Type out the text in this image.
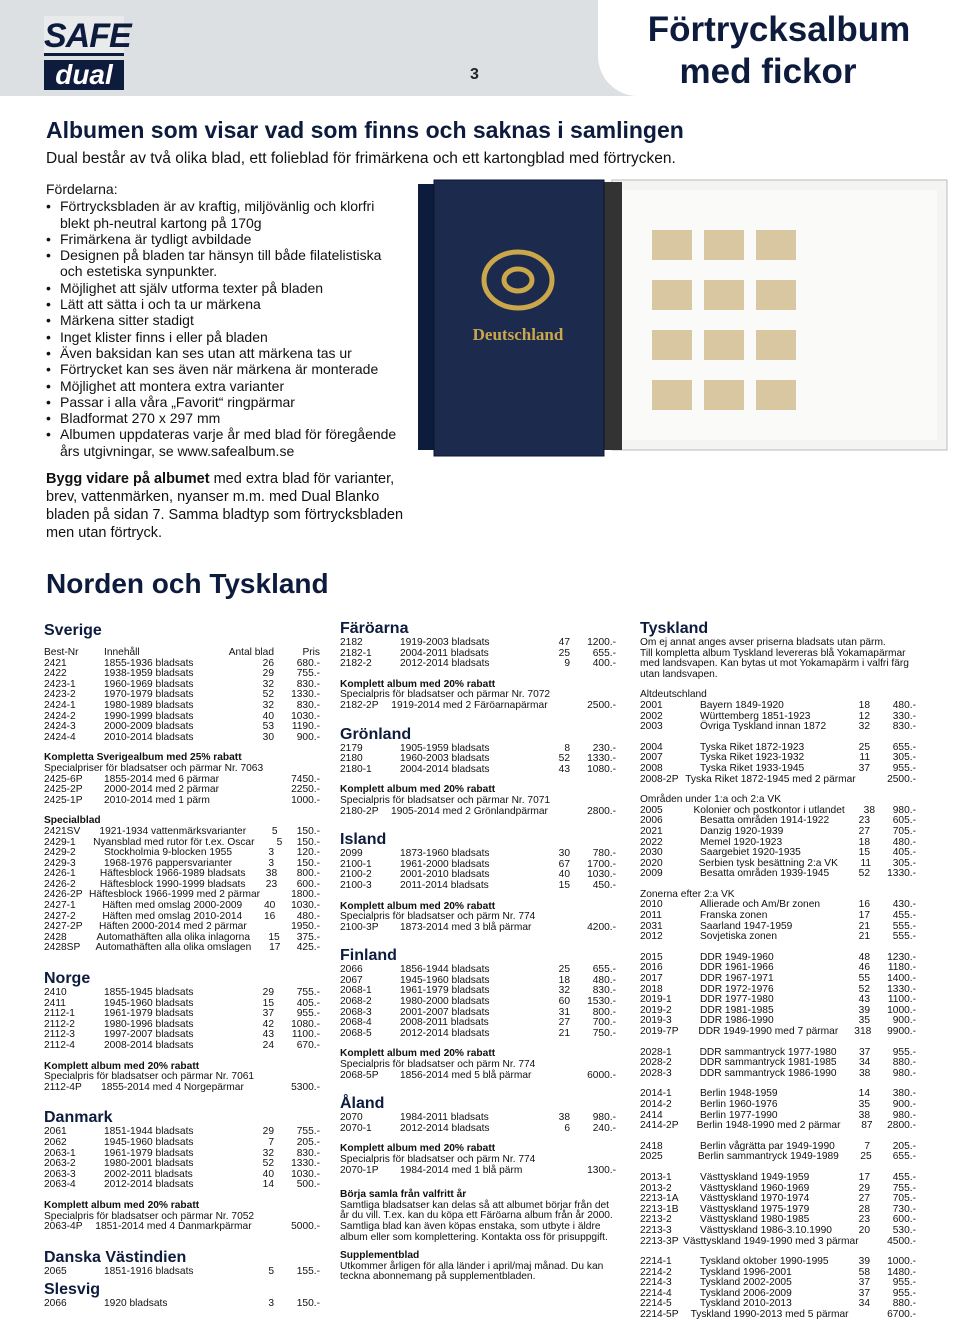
SAFE
dual	3
Förtrycksalbum
med fickor
Albumen som visar vad som finns och saknas i samlingen
Dual består av två olika blad, ett folieblad för frimärkena och ett kartongblad med förtrycken.
Fördelarna:
• Förtrycksbladen är av kraftig, miljövänlig och klorfri blekt ph-neutral kartong på 170g
• Frimärkena är tydligt avbildade
• Designen på bladen tar hänsyn till både filatelistiska och estetiska synpunkter.
• Möjlighet att själv utforma texter på bladen
• Lätt att sätta i och ta ur märkena
• Märkena sitter stadigt
• Inget klister finns i eller på bladen
• Även baksidan kan ses utan att märkena tas ur
• Förtrycket kan ses även när märkena är monterade
• Möjlighet att montera extra varianter
• Passar i alla våra „Favorit“ ringpärmar
• Bladformat 270 x 297 mm
• Albumen uppdateras varje år med blad för föregående års utgivningar, se www.safealbum.se
Bygg vidare på albumet med extra blad för varianter, brev, vattenmärken, nyanser m.m. med Dual Blanko bladen på sidan 7. Samma bladtyp som förtrycksbladen men utan förtryck.
Deutschland
Norden och Tyskland
Sverige
Best-Nr	Innehåll	Antal blad	Pris
2421	1855-1936 bladsats	26	680.-
2422	1938-1959 bladsats	29	755.-
2423-1	1960-1969 bladsats	32	830.-
2423-2	1970-1979 bladsats	52	1330.-
2424-1	1980-1989 bladsats	32	830.-
2424-2	1990-1999 bladsats	40	1030.-
2424-3	2000-2009 bladsats	53	1190.-
2424-4	2010-2014 bladsats	30	900.-
Kompletta Sverigealbum med 25% rabatt
Specialpriser för bladsatser och pärmar Nr. 7063
2425-6P	1855-2014 med 6 pärmar	7450.-
2425-2P	2000-2014 med 2 pärmar	2250.-
2425-1P	2010-2014 med 1 pärm	1000.-
Specialblad
2421SV	1921-1934 vattenmärksvarianter	5	150.-
2429-1	Nyansblad med rutor för t.ex. Oscar	5	150.-
2429-2	Stockholmia 9-blocken 1955	3	120.-
2429-3	1968-1976 pappersvarianter	3	150.-
2426-1	Häftesblock 1966-1989 bladsats	38	800.-
2426-2	Häftesblock 1990-1999 bladsats	23	600.-
2426-2P Häftesblock 1966-1999 med 2 pärmar	1800.-
2427-1	Häften med omslag 2000-2009	40	1030.-
2427-2	Häften med omslag 2010-2014	16	480.-
2427-2P	Häften 2000-2014 med 2 pärmar	1950.-
2428	Automathäften alla olika inlagorna	15	375.-
2428SP	Automathäften alla olika omslagen	17	425.-
Norge
2410	1855-1945 bladsats	29	755.-
2411	1945-1960 bladsats	15	405.-
2112-1	1961-1979 bladsats	37	955.-
2112-2	1980-1996 bladsats	42	1080.-
2112-3	1997-2007 bladsats	43	1100.-
2112-4	2008-2014 bladsats	24	670.-
Komplett album med 20% rabatt
Specialpris för bladsatser och pärmar Nr. 7061
2112-4P	1855-2014 med 4 Norgepärmar	5300.-
Danmark
2061	1851-1944 bladsats	29	755.-
2062	1945-1960 bladsats	7	205.-
2063-1	1961-1979 bladsats	32	830.-
2063-2	1980-2001 bladsats	52	1330.-
2063-3	2002-2011 bladsats	40	1030.-
2063-4	2012-2014 bladsats	14	500.-
Komplett album med 20% rabatt
Specialpris för bladsatser och pärmar Nr. 7052
2063-4P	1851-2014 med 4 Danmarkpärmar	5000.-
Danska Västindien
2065	1851-1916 bladsats	5	155.-
Slesvig
2066	1920 bladsats	3	150.-
Färöarna
2182	1919-2003 bladsats	47	1200.-
2182-1	2004-2011 bladsats	25	655.-
2182-2	2012-2014 bladsats	9	400.-
Komplett album med 20% rabatt
Specialpris för bladsatser och pärmar Nr. 7072
2182-2P	1919-2014 med 2 Färöarnapärmar	2500.-
Grönland
2179	1905-1959 bladsats	8	230.-
2180	1960-2003 bladsats	52	1330.-
2180-1	2004-2014 bladsats	43	1080.-
Komplett album med 20% rabatt
Specialpris för bladsatser och pärmar Nr. 7071
2180-2P	1905-2014 med 2 Grönlandpärmar	2800.-
Island
2099	1873-1960 bladsats	30	780.-
2100-1	1961-2000 bladsats	67	1700.-
2100-2	2001-2010 bladsats	40	1030.-
2100-3	2011-2014 bladsats	15	450.-
Komplett album med 20% rabatt
Specialpris för bladsatser och pärm Nr. 774
2100-3P	1873-2014 med 3 blå pärmar	4200.-
Finland
2066	1856-1944 bladsats	25	655.-
2067	1945-1960 bladsats	18	480.-
2068-1	1961-1979 bladsats	32	830.-
2068-2	1980-2000 bladsats	60	1530.-
2068-3	2001-2007 bladsats	31	800.-
2068-4	2008-2011 bladsats	27	700.-
2068-5	2012-2014 bladsats	21	750.-
Komplett album med 20% rabatt
Specialpris för bladsatser och pärm Nr. 774
2068-5P	1856-2014 med 5 blå pärmar	6000.-
Åland
2070	1984-2011 bladsats	38	980.-
2070-1	2012-2014 bladsats	6	240.-
Komplett album med 20% rabatt
Specialpris för bladsatser och pärm Nr. 774
2070-1P	1984-2014 med 1 blå pärm	1300.-
Börja samla från valfritt år
Samtliga bladsatser kan delas så att albumet börjar från det år du vill. T.ex. kan du köpa ett Färöarna album från år 2000. Samtliga blad kan även köpas enstaka, som utbyte i äldre album eller som komplettering. Kontakta oss för prisuppgift.
Supplementblad
Utkommer årligen för alla länder i april/maj månad. Du kan teckna abonnemang på supplementbladen.
Tyskland
Om ej annat anges avser priserna bladsats utan pärm.
Till kompletta album Tyskland levereras blå Yokamapärmar med landsvapen. Kan bytas ut mot Yokamapärm i valfri färg utan landsvapen.
Altdeutschland
2001	Bayern 1849-1920	18	480.-
2002	Württemberg 1851-1923	12	330.-
2003	Övriga Tyskland innan 1872	32	830.-
2004	Tyska Riket 1872-1923	25	655.-
2007	Tyska Riket 1923-1932	11	305.-
2008	Tyska Riket 1933-1945	37	955.-
2008-2P Tyska Riket 1872-1945 med 2 pärmar	2500.-
Områden under 1:a och 2:a VK
2005	Kolonier och postkontor i utlandet	38	980.-
2006	Besatta områden 1914-1922	23	605.-
2021	Danzig 1920-1939	27	705.-
2022	Memel 1920-1923	18	480.-
2030	Saargebiet 1920-1935	15	405.-
2020	Serbien tysk besättning 2:a VK	11	305.-
2009	Besatta områden 1939-1945	52	1330.-
Zonerna efter 2:a VK
2010	Allierade och Am/Br zonen	16	430.-
2011	Franska zonen	17	455.-
2031	Saarland 1947-1959	21	555.-
2012	Sovjetiska zonen	21	555.-
2015	DDR 1949-1960	48	1230.-
2016	DDR 1961-1966	46	1180.-
2017	DDR 1967-1971	55	1400.-
2018	DDR 1972-1976	52	1330.-
2019-1	DDR 1977-1980	43	1100.-
2019-2	DDR 1981-1985	39	1000.-
2019-3	DDR 1986-1990	35	900.-
2019-7P	DDR 1949-1990 med 7 pärmar	318	9900.-
2028-1	DDR sammantryck 1977-1980	37	955.-
2028-2	DDR sammantryck 1981-1985	34	880.-
2028-3	DDR sammantryck 1986-1990	38	980.-
2014-1	Berlin 1948-1959	14	380.-
2014-2	Berlin 1960-1976	35	900.-
2414	Berlin 1977-1990	38	980.-
2414-2P	Berlin 1948-1990 med 2 pärmar	87	2800.-
2418	Berlin vågrätta par 1949-1990	7	205.-
2025	Berlin sammantryck 1949-1989	25	655.-
2013-1	Västtyskland 1949-1959	17	455.-
2013-2	Västtyskland 1960-1969	29	755.-
2213-1A	Västtyskland 1970-1974	27	705.-
2213-1B	Västtyskland 1975-1979	28	730.-
2213-2	Västtyskland 1980-1985	23	600.-
2213-3	Västtyskland 1986-3.10.1990	20	530.-
2213-3P Västtyskland 1949-1990 med 3 pärmar	4500.-
2214-1	Tyskland oktober 1990-1995	39	1000.-
2214-2	Tyskland 1996-2001	58	1480.-
2214-3	Tyskland 2002-2005	37	955.-
2214-4	Tyskland 2006-2009	37	955.-
2214-5	Tyskland 2010-2013	34	880.-
2214-5P	Tyskland 1990-2013 med 5 pärmar	6700.-
